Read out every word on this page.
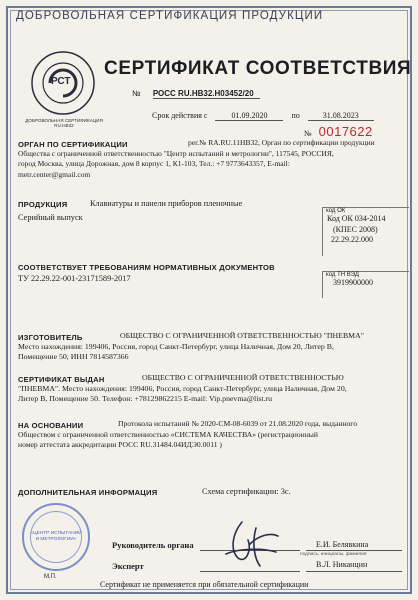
ДОБРОВОЛЬНАЯ СЕРТИФИКАЦИЯ ПРОДУКЦИИ
РСТ
ДОБРОВОЛЬНАЯ СЕРТИФИКАЦИЯ RU.HB32
СЕРТИФИКАТ СООТВЕТСТВИЯ
№ РОСС RU.HB32.H03452/20
Срок действия с	01.09.2020	по	31.08.2023
№ 0017622
ОРГАН ПО СЕРТИФИКАЦИИ	рег.№ RA.RU.11HB32, Орган по сертификации продукции
Общества с ограниченной ответственностью "Центр испытаний и метрологии", 117545, РОССИЯ,
город Москва, улица Дорожная, дом 8 корпус 1, К1-103, Тел.: +7 9773643357, E-mail:
metr.center@gmail.com
ПРОДУКЦИЯ	Клавиатуры и панели приборов пленочные
Серийный выпуск
код ОК
Код ОК 034-2014
(КПЕС 2008)
22.29.22.000
СООТВЕТСТВУЕТ ТРЕБОВАНИЯМ НОРМАТИВНЫХ ДОКУМЕНТОВ
ТУ 22.29.22-001-23171589-2017	код ТН ВЭД
3919900000
ИЗГОТОВИТЕЛЬ	ОБЩЕСТВО С ОГРАНИЧЕННОЙ ОТВЕТСТВЕННОСТЬЮ "ПНЕВМА"
Место нахождения: 199406, Россия, город Санкт-Петербург, улица Наличная, Дом 20, Литер В,
Помещение 50, ИНН 7814587366
СЕРТИФИКАТ ВЫДАН	ОБЩЕСТВО С ОГРАНИЧЕННОЙ ОТВЕТСТВЕННОСТЬЮ
"ПНЕВМА". Место нахождения: 199406, Россия, город Санкт-Петербург, улица Наличная, Дом 20,
Литер В, Помещение 50. Телефон: +78129862215 E-mail: Vip.pnevma@list.ru
НА ОСНОВАНИИ	Протокола испытаний № 2020-СМ-08-6039 от 21.08.2020 года, выданного
Обществом с ограниченной ответственностью «СИСТЕМА КАЧЕСТВА» (регистрационный
номер аттестата аккредитации РОСС RU.31484.04ИДЭ0.0011 )
ДОПОЛНИТЕЛЬНАЯ ИНФОРМАЦИЯ	Схема сертификации: 3с.
«ЦЕНТР ИСПЫТАНИЙ И МЕТРОЛОГИИ»
М.П.
Руководитель органа	Е.И. Белявкина
подпись, инициалы, фамилия
Эксперт	В.Л. Никанцин
Сертификат не применяется при обязательной сертификации
